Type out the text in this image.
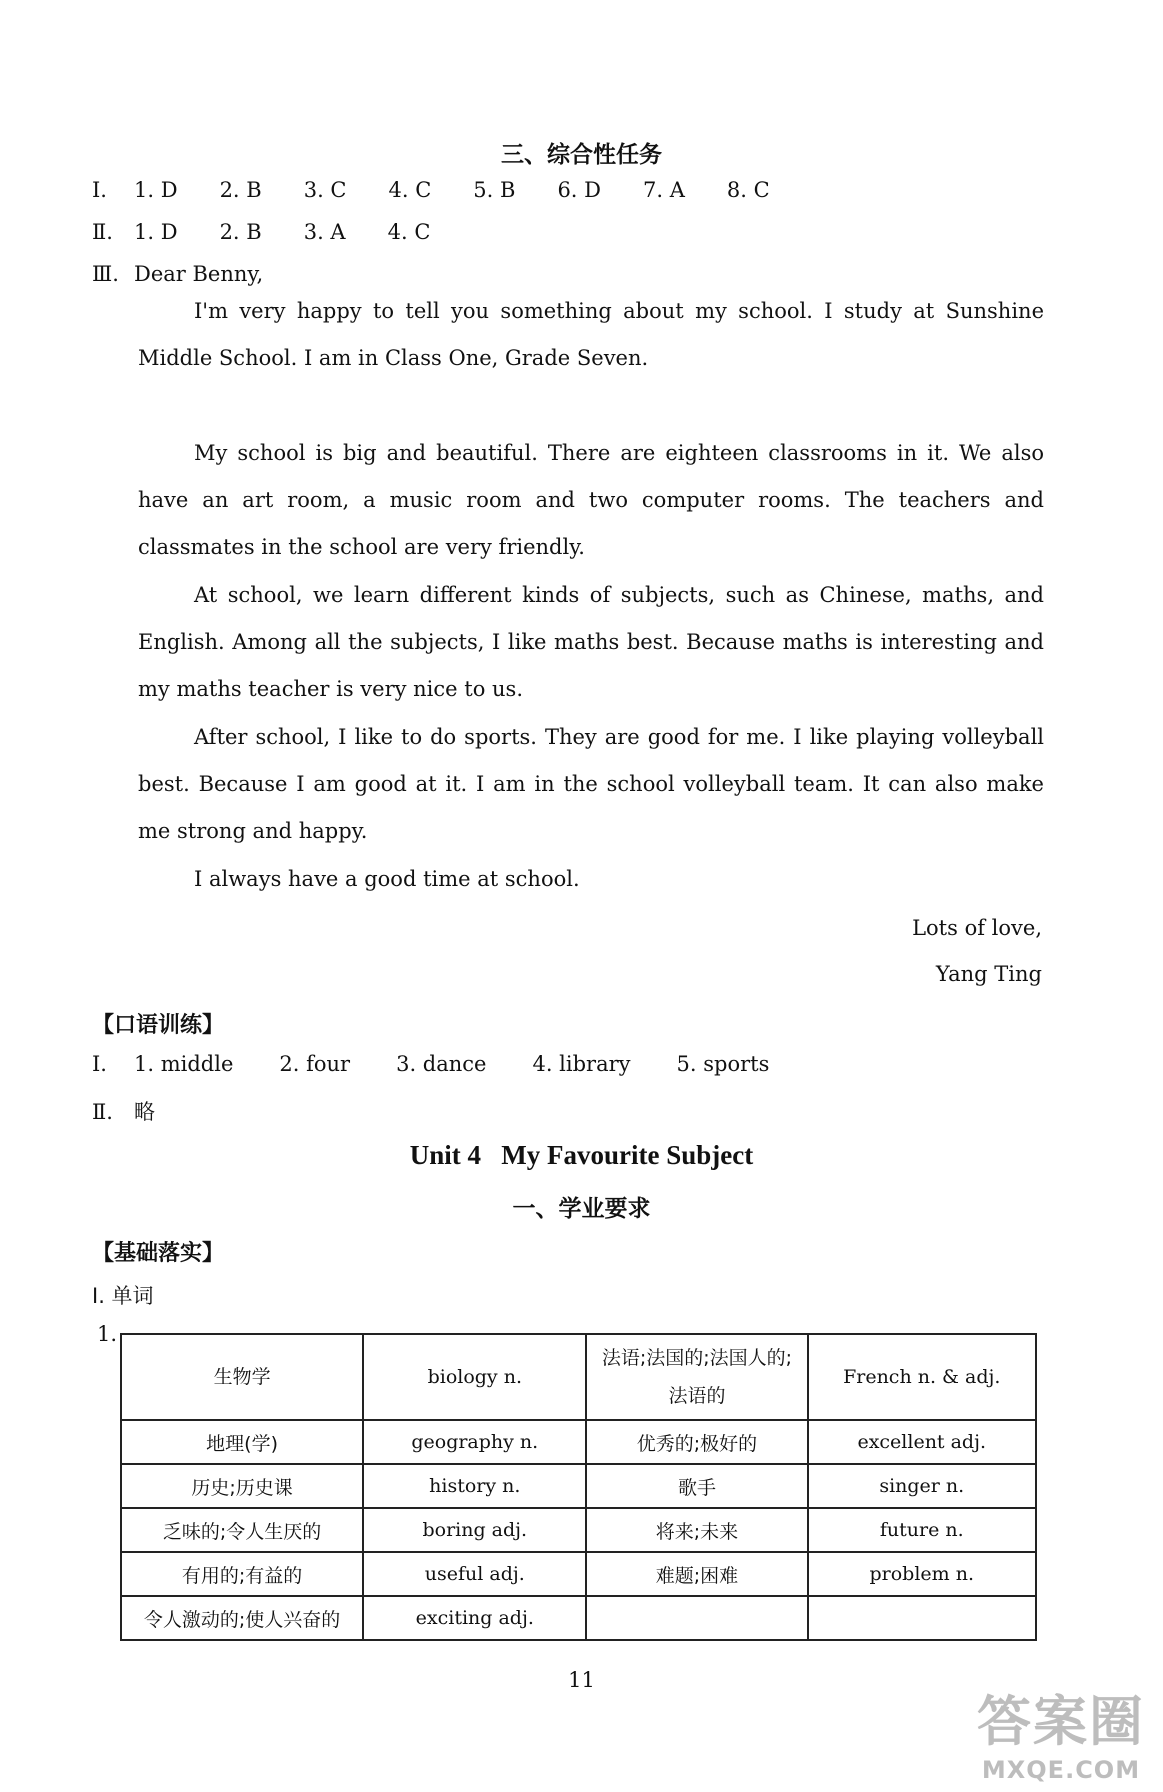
三、综合性任务
Ⅰ. 1. D 2. B 3. C 4. C 5. B 6. D 7. A 8. C
Ⅱ. 1. D 2. B 3. A 4. C
Ⅲ. Dear Benny,
I'm very happy to tell you something about my school. I study at Sunshine Middle School. I am in Class One, Grade Seven.
My school is big and beautiful. There are eighteen classrooms in it. We also have an art room, a music room and two computer rooms. The teachers and classmates in the school are very friendly.
At school, we learn different kinds of subjects, such as Chinese, maths, and English. Among all the subjects, I like maths best. Because maths is interesting and my maths teacher is very nice to us.
After school, I like to do sports. They are good for me. I like playing volleyball best. Because I am good at it. I am in the school volleyball team. It can also make me strong and happy.
I always have a good time at school.
Lots of love,
Yang Ting
【口语训练】
Ⅰ. 1. middle 2. four 3. dance 4. library 5. sports
Ⅱ. 略
Unit 4   My Favourite Subject
一、学业要求
【基础落实】
Ⅰ. 单词
1.
生物学	biology n.	法语;法国的;法国人的;法语的	French n. & adj.
地理(学)	geography n.	优秀的;极好的	excellent adj.
历史;历史课	history n.	歌手	singer n.
乏味的;令人生厌的	boring adj.	将来;未来	future n.
有用的;有益的	useful adj.	难题;困难	problem n.
令人激动的;使人兴奋的	exciting adj.		
11
答案圈
MXQE.COM
